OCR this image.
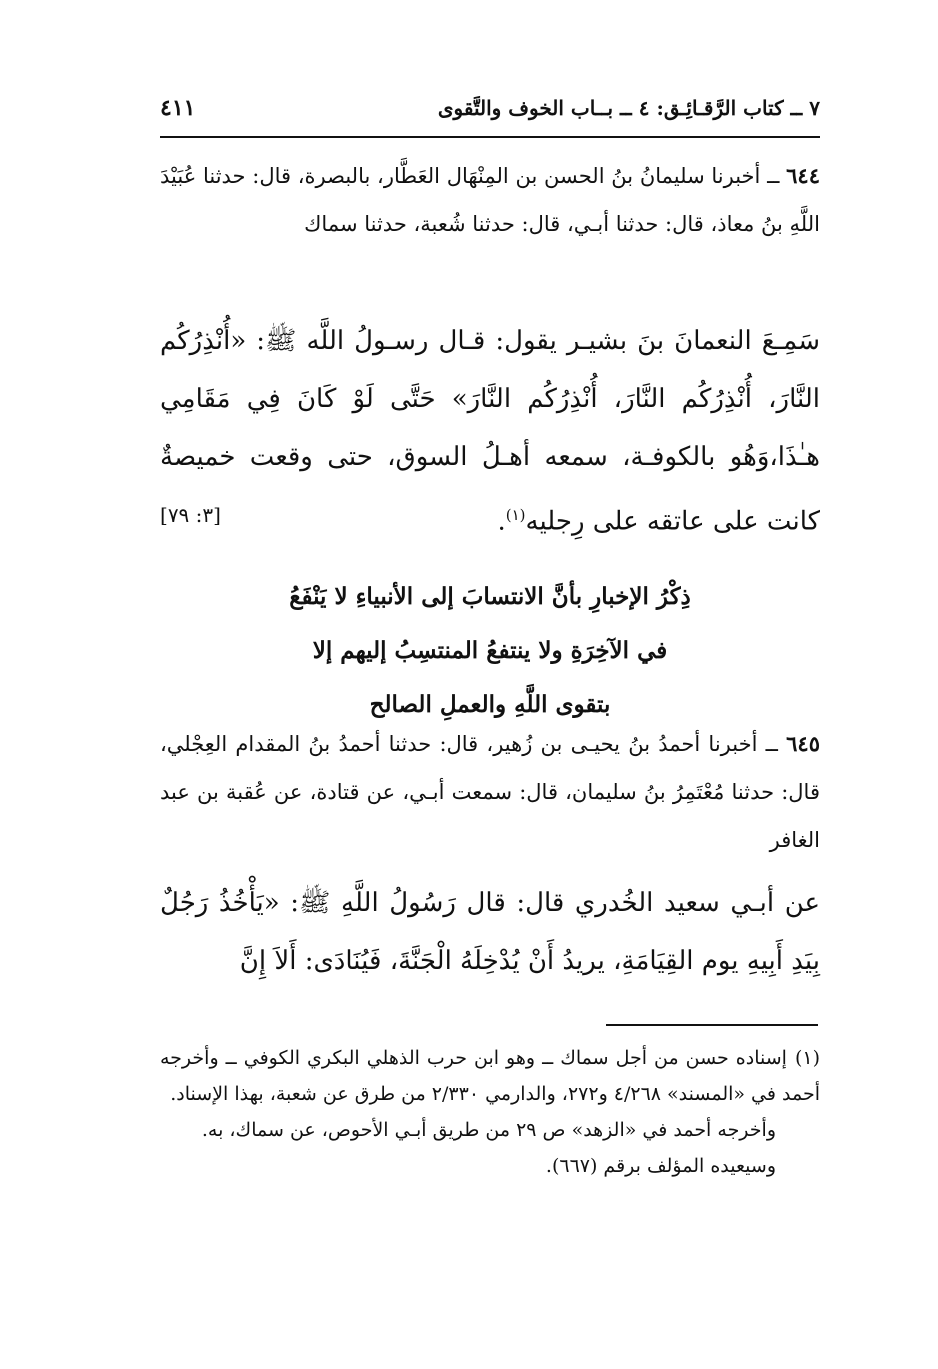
٧ ــ كتاب الرَّقـائِـق: ٤ ــ بــاب الخوف والتَّقوى
٤١١
٦٤٤ ــ أخبرنا سليمانُ بنُ الحسن بن المِنْهَال العَطَّار، بالبصرة، قال: حدثنا عُبَيْدَ اللَّهِ بنُ معاذ، قال: حدثنا أبـي، قال: حدثنا شُعبة، حدثنا سماك
سَمِـعَ النعمانَ بنَ بشيـر يقول: قـال رسـولُ اللَّه ﷺ: «أُنْذِرُكُم النَّارَ، أُنْذِرُكُم النَّارَ، أُنْذِرُكُم النَّارَ» حَتَّى لَوْ كَانَ فِي مَقَامِي هـٰذَا،وَهُو بالكوفـة، سمعه أهـلُ السوق، حتى وقعت خميصةٌ كانت على عاتقه على رِجليه$^{(١)}$.
[٣: ٧٩]
ذِكْرُ الإخبارِ بأنَّ الانتسابَ إلى الأنبياءِ لا يَنْفَعُ
في الآخِرَةِ ولا ينتفعُ المنتسِبُ إليهم إلا
بتقوى اللَّهِ والعملِ الصالح
٦٤٥ ــ أخبرنا أحمدُ بنُ يحيـى بن زُهير، قال: حدثنا أحمدُ بنُ المقدام العِجْلي، قال: حدثنا مُعْتَمِرُ بنُ سليمان، قال: سمعت أبـي، عن قتادة، عن عُقبة بن عبد الغافر
عن أبـي سعيد الخُدري قال: قال رَسُولُ اللَّهِ ﷺ: «يَأْخُذُ رَجُلٌ بِيَدِ أَبِيهِ يوم القِيَامَةِ، يريدُ أَنْ يُدْخِلَهُ الْجَنَّةَ، فَيُنَادَى: أَلاَ إِنَّ
(١)إسناده حسن من أجل سماك ــ وهو ابن حرب الذهلي البكري الكوفي ــ وأخرجه أحمد في «المسند» ٤/٢٦٨ و٢٧٢، والدارمي ٢/٣٣٠ من طرق عن شعبة، بهذا الإسناد.
وأخرجه أحمد في «الزهد» ص ٢٩ من طريق أبـي الأحوص، عن سماك، به.
وسيعيده المؤلف برقم (٦٦٧).
